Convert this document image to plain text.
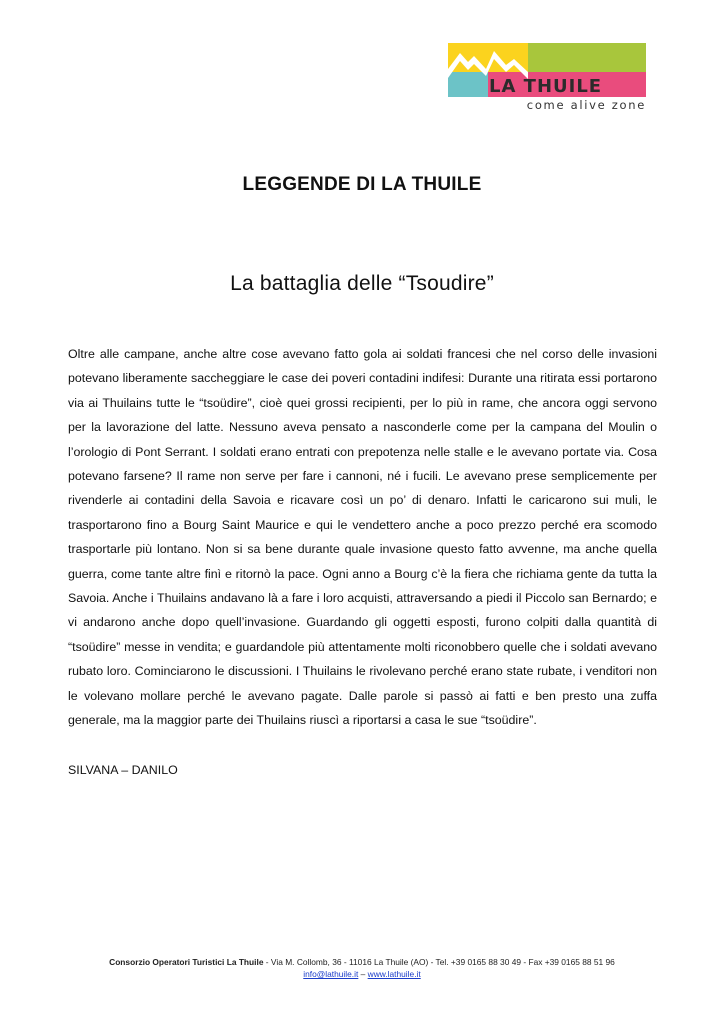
LA THUILE
come alive zone
LEGGENDE DI LA THUILE
La battaglia delle “Tsoudire”

Oltre alle campane, anche altre cose avevano fatto gola ai soldati francesi che nel corso delle invasioni potevano liberamente saccheggiare le case dei poveri contadini indifesi: Durante una ritirata essi portarono via ai Thuilains tutte le “tsoüdire”, cioè quei grossi recipienti, per lo più in rame, che ancora oggi servono per la lavorazione del latte. Nessuno aveva pensato a nasconderle come per la campana del Moulin o l’orologio di Pont Serrant. I soldati erano entrati con prepotenza nelle stalle e le avevano portate via. Cosa potevano farsene? Il rame non serve per fare i cannoni, né i fucili. Le avevano prese semplicemente per rivenderle ai contadini della Savoia e ricavare così un po’ di denaro. Infatti le caricarono sui muli, le trasportarono fino a Bourg Saint Maurice e qui le vendettero anche a poco prezzo perché era scomodo trasportarle più lontano. Non si sa bene durante quale invasione questo fatto avvenne, ma anche quella guerra, come tante altre finì e ritornò la pace. Ogni anno a Bourg c’è la fiera che richiama gente da tutta la Savoia. Anche i Thuilains andavano là a fare i loro acquisti, attraversando a piedi il Piccolo san Bernardo; e vi andarono anche dopo quell’invasione. Guardando gli oggetti esposti, furono colpiti dalla quantità di “tsoüdire” messe in vendita; e guardandole più attentamente molti riconobbero quelle che i soldati avevano rubato loro. Cominciarono le discussioni. I Thuilains le rivolevano perché erano state rubate, i venditori non le volevano mollare perché le avevano pagate. Dalle parole si passò ai fatti e ben presto una zuffa generale, ma la maggior parte dei Thuilains riuscì a riportarsi a casa le sue “tsoüdire”.

SILVANA – DANILO
Consorzio Operatori Turistici La Thuile - Via M. Collomb, 36 - 11016 La Thuile (AO) - Tel. +39 0165 88 30 49 - Fax +39 0165 88 51 96
info@lathuile.it – www.lathuile.it
